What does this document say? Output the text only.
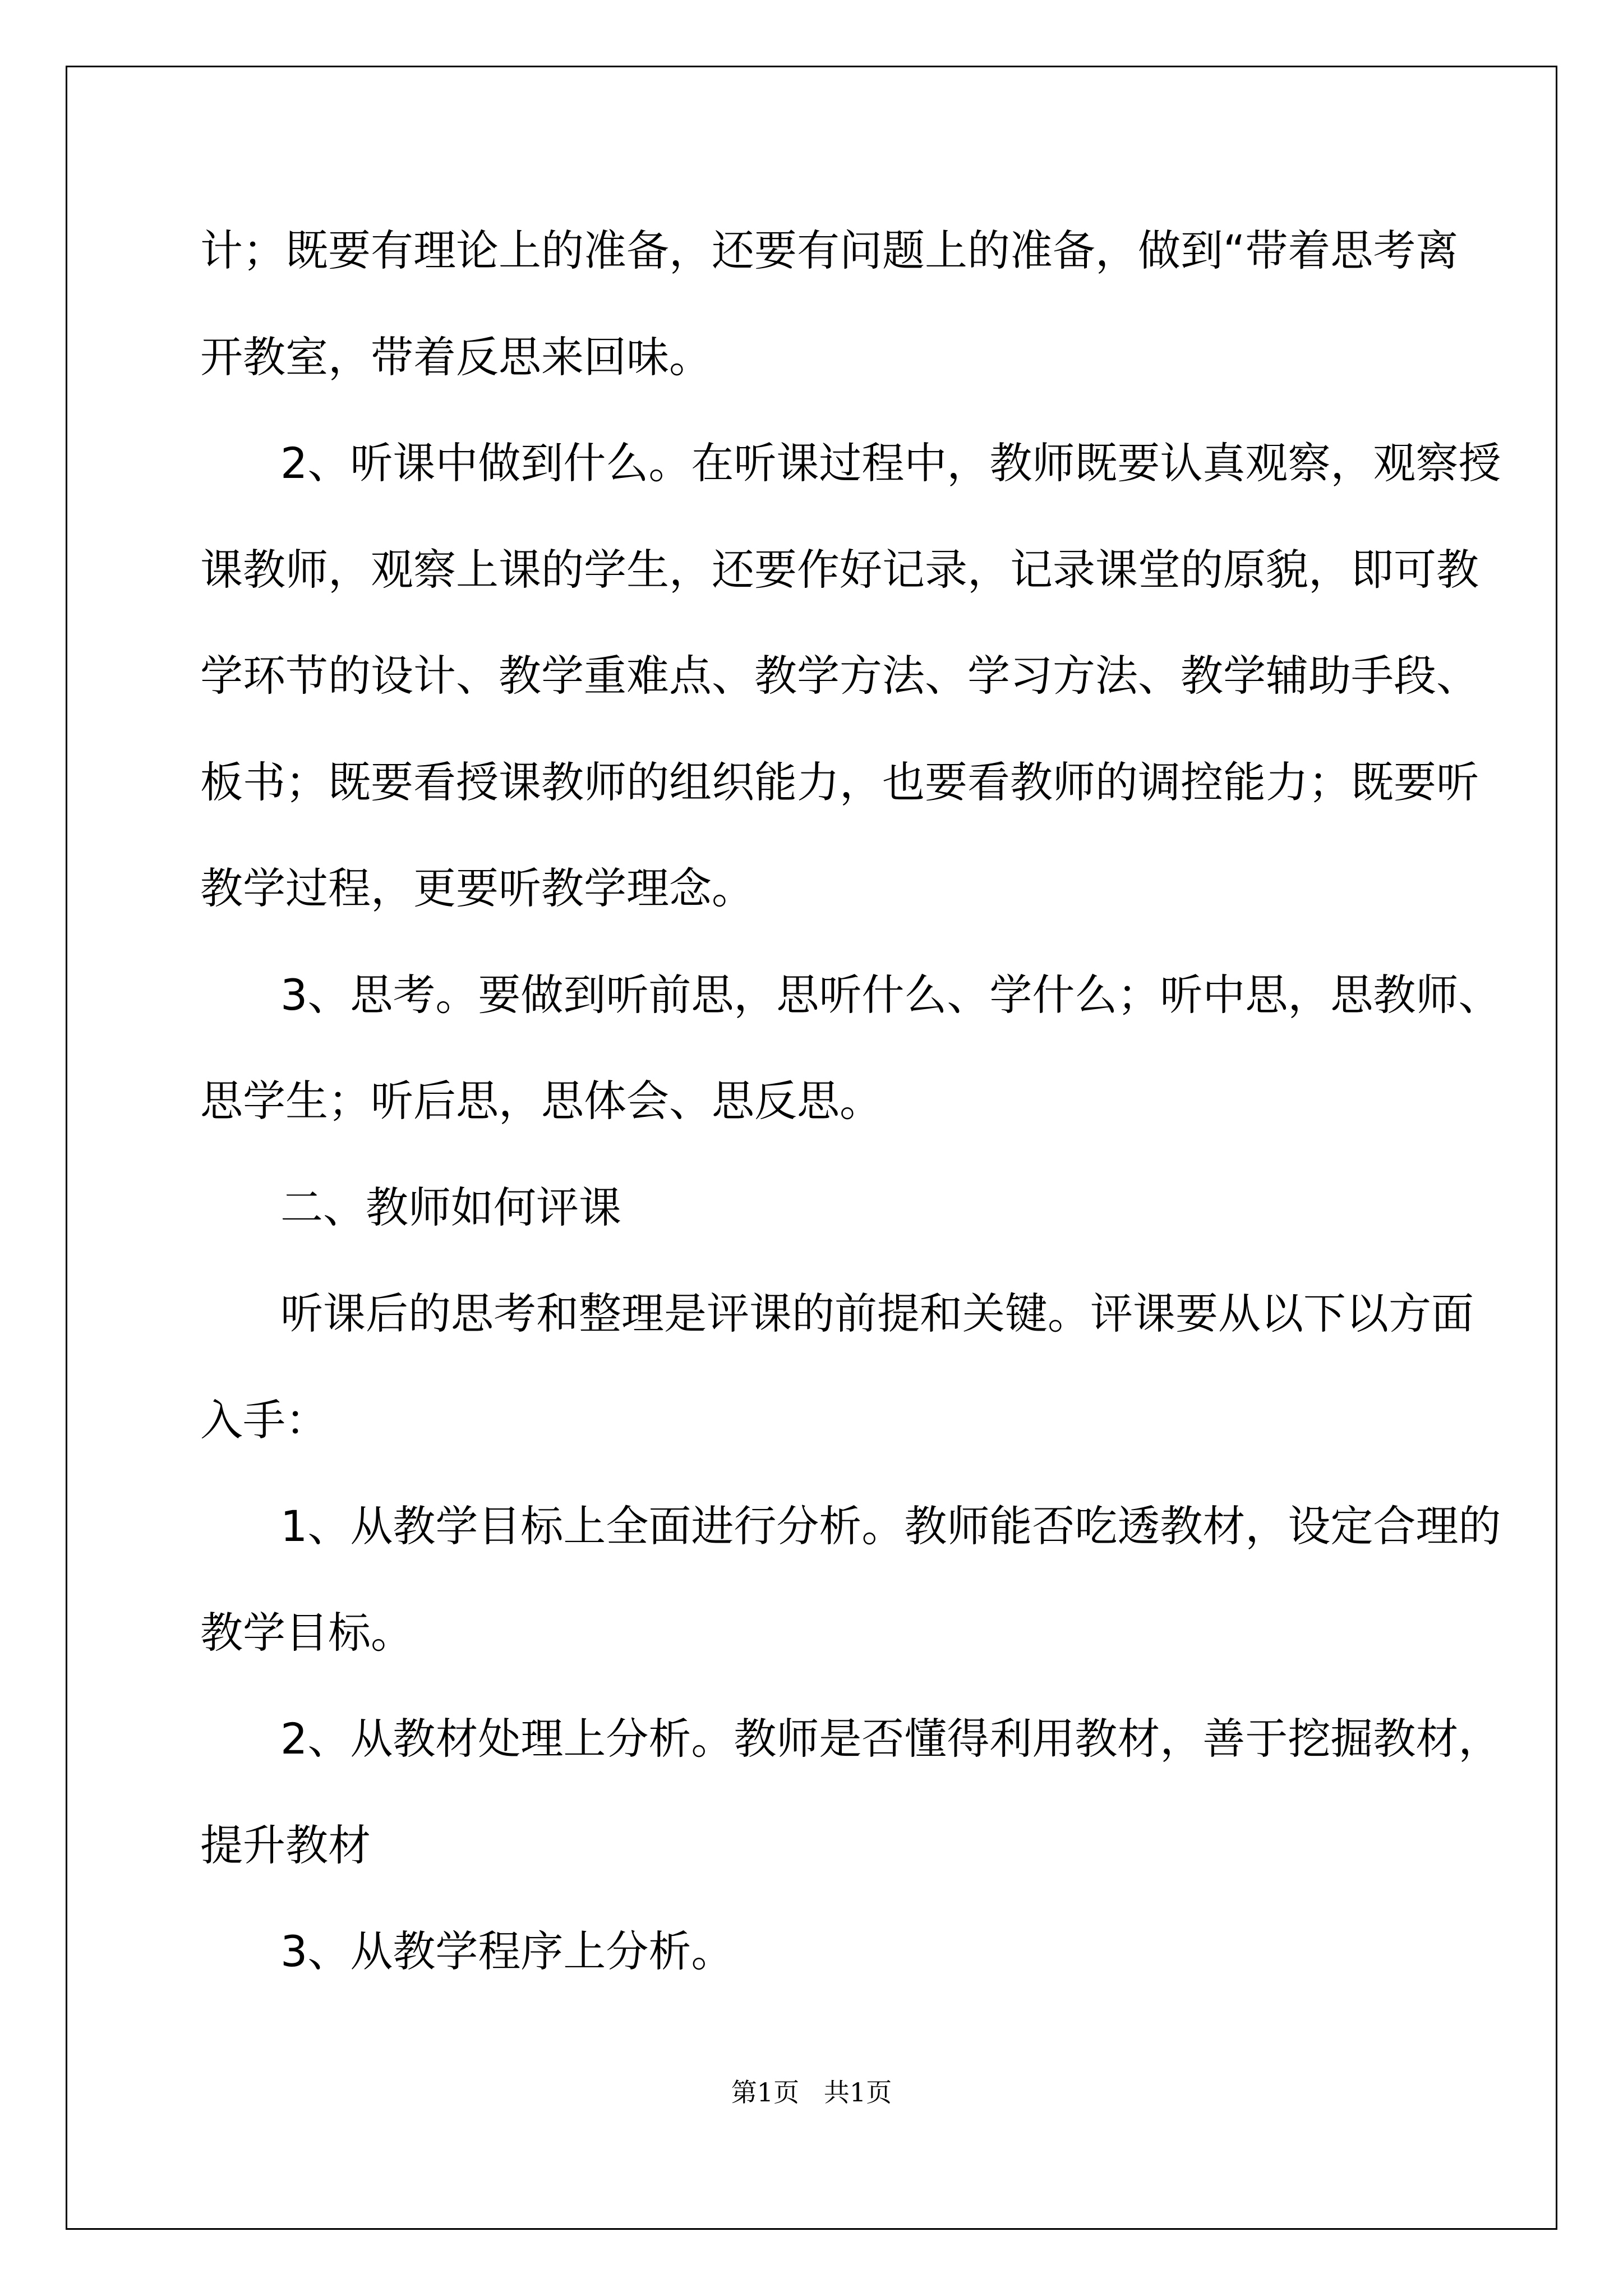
计；既要有理论上的准备，还要有问题上的准备，做到“带着思考离
开教室，带着反思来回味。
2、听课中做到什么。在听课过程中，教师既要认真观察，观察授
课教师，观察上课的学生，还要作好记录，记录课堂的原貌，即可教
学环节的设计、教学重难点、教学方法、学习方法、教学辅助手段、
板书；既要看授课教师的组织能力，也要看教师的调控能力；既要听
教学过程，更要听教学理念。
3、思考。要做到听前思，思听什么、学什么；听中思，思教师、
思学生；听后思，思体会、思反思。
二、教师如何评课
听课后的思考和整理是评课的前提和关键。评课要从以下以方面
入手：
1、从教学目标上全面进行分析。教师能否吃透教材，设定合理的
教学目标。
2、从教材处理上分析。教师是否懂得利用教材，善于挖掘教材，
提升教材
3、从教学程序上分析。
第1页   共1页
